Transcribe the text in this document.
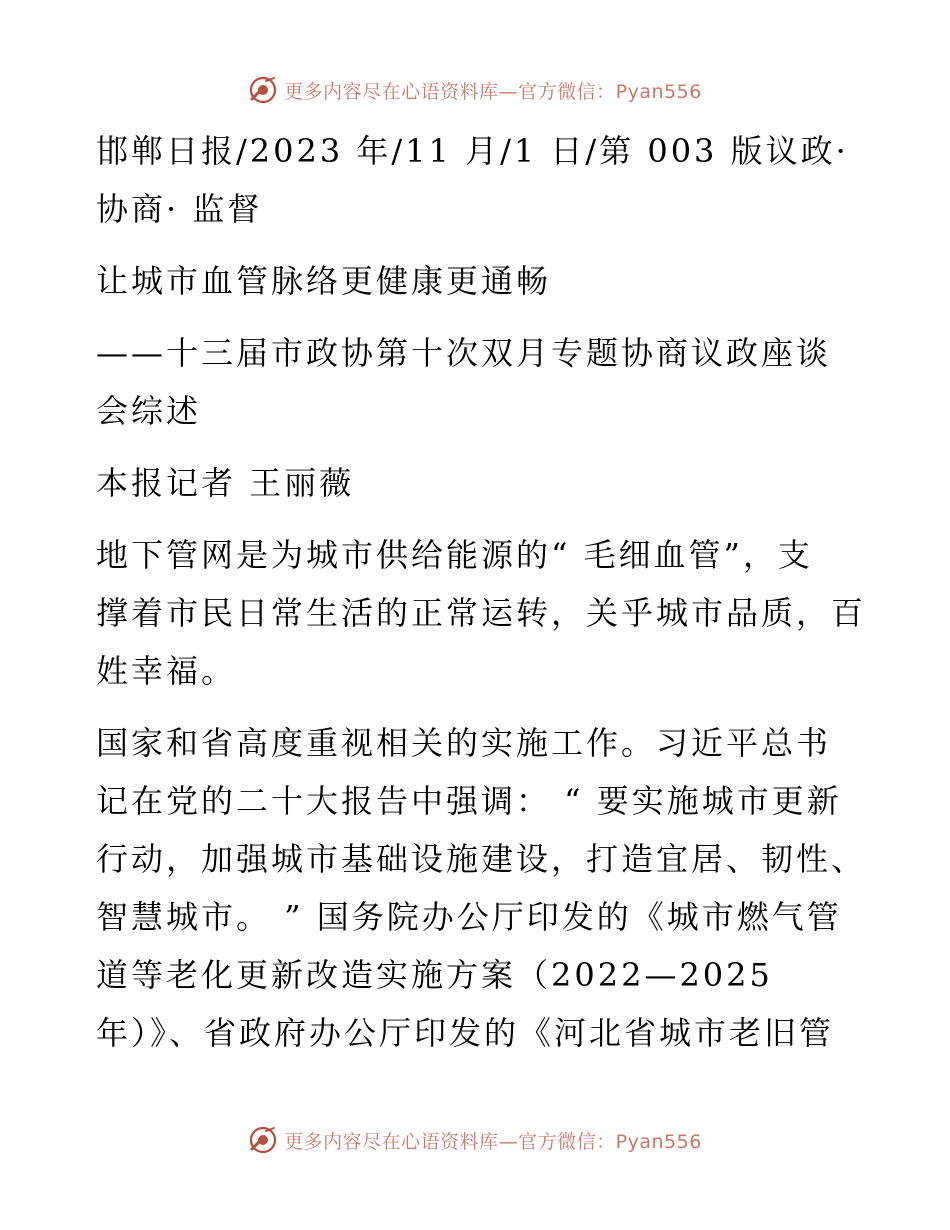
更多内容尽在心语资料库—官方微信：Pyan556
邯郸日报/2023 年/11 月/1 日/第 003 版议政·
协商· 监督
让城市血管脉络更健康更通畅
——十三届市政协第十次双月专题协商议政座谈
会综述
本报记者 王丽薇
地下管网是为城市供给能源的“ 毛细血管”，支
撑着市民日常生活的正常运转，关乎城市品质，百
姓幸福。
国家和省高度重视相关的实施工作。习近平总书
记在党的二十大报告中强调： “ 要实施城市更新
行动，加强城市基础设施建设，打造宜居、韧性、
智慧城市。 ” 国务院办公厅印发的《城市燃气管
道等老化更新改造实施方案（2022—2025
年）》、省政府办公厅印发的《河北省城市老旧管
更多内容尽在心语资料库—官方微信：Pyan556
